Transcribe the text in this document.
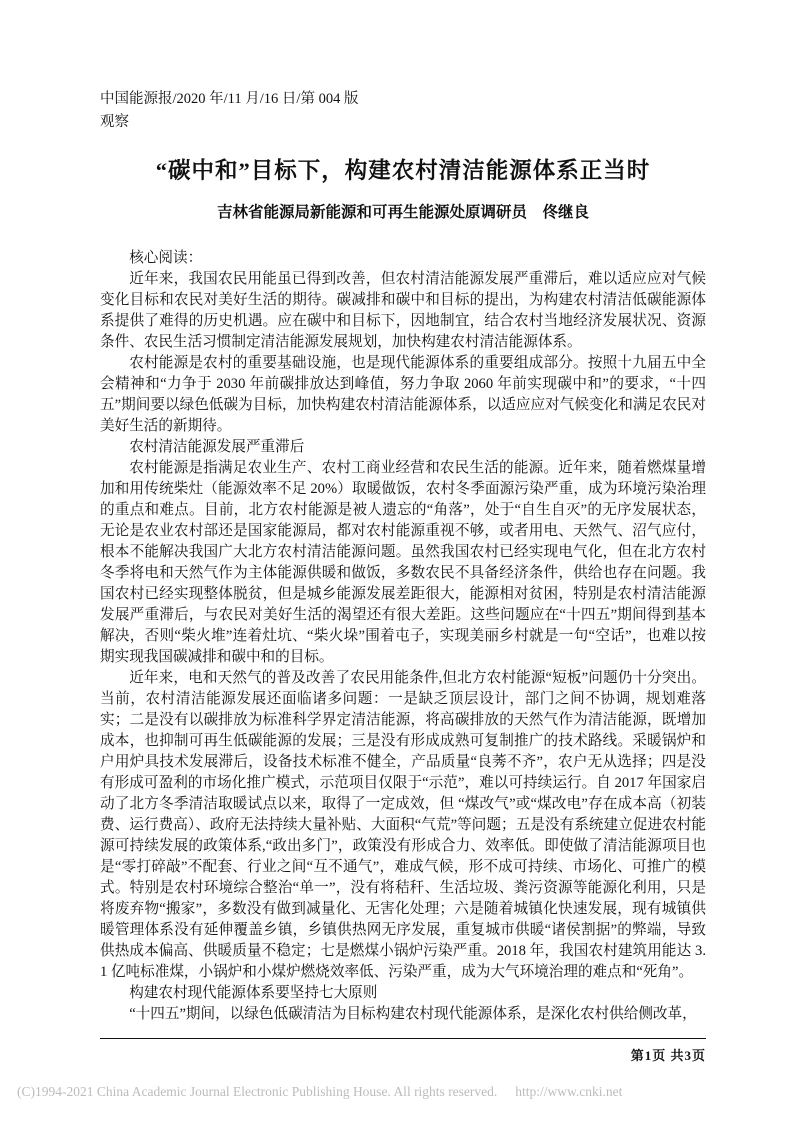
中国能源报/2020 年/11 月/16 日/第 004 版
观察
“碳中和”目标下，构建农村清洁能源体系正当时
吉林省能源局新能源和可再生能源处原调研员　佟继良

核心阅读：

近年来，我国农民用能虽已得到改善，但农村清洁能源发展严重滞后，难以适应应对气候变化目标和农民对美好生活的期待。碳减排和碳中和目标的提出，为构建农村清洁低碳能源体系提供了难得的历史机遇。应在碳中和目标下，因地制宜，结合农村当地经济发展状况、资源条件、农民生活习惯制定清洁能源发展规划，加快构建农村清洁能源体系。

农村能源是农村的重要基础设施，也是现代能源体系的重要组成部分。按照十九届五中全会精神和“力争于 2030 年前碳排放达到峰值，努力争取 2060 年前实现碳中和”的要求，“十四五”期间要以绿色低碳为目标，加快构建农村清洁能源体系，以适应应对气候变化和满足农民对美好生活的新期待。

农村清洁能源发展严重滞后

农村能源是指满足农业生产、农村工商业经营和农民生活的能源。近年来，随着燃煤量增加和用传统柴灶（能源效率不足 20%）取暖做饭，农村冬季面源污染严重，成为环境污染治理的重点和难点。目前，北方农村能源是被人遗忘的“角落”，处于“自生自灭”的无序发展状态，无论是农业农村部还是国家能源局，都对农村能源重视不够，或者用电、天然气、沼气应付，根本不能解决我国广大北方农村清洁能源问题。虽然我国农村已经实现电气化，但在北方农村冬季将电和天然气作为主体能源供暖和做饭，多数农民不具备经济条件，供给也存在问题。我国农村已经实现整体脱贫，但是城乡能源发展差距很大，能源相对贫困，特别是农村清洁能源发展严重滞后，与农民对美好生活的渴望还有很大差距。这些问题应在“十四五”期间得到基本解决，否则“柴火堆”连着灶坑、“柴火垛”围着屯子，实现美丽乡村就是一句“空话”，也难以按期实现我国碳减排和碳中和的目标。

近年来，电和天然气的普及改善了农民用能条件,但北方农村能源“短板”问题仍十分突出。当前，农村清洁能源发展还面临诸多问题：一是缺乏顶层设计，部门之间不协调，规划难落实；二是没有以碳排放为标准科学界定清洁能源，将高碳排放的天然气作为清洁能源，既增加成本，也抑制可再生低碳能源的发展；三是没有形成成熟可复制推广的技术路线。采暖锅炉和户用炉具技术发展滞后，设备技术标准不健全，产品质量“良莠不齐”，农户无从选择；四是没有形成可盈利的市场化推广模式，示范项目仅限于“示范”，难以可持续运行。自 2017 年国家启动了北方冬季清洁取暖试点以来，取得了一定成效，但 “煤改气”或“煤改电”存在成本高（初装费、运行费高）、政府无法持续大量补贴、大面积“气荒”等问题；五是没有系统建立促进农村能源可持续发展的政策体系,“政出多门”，政策没有形成合力、效率低。即使做了清洁能源项目也是“零打碎敲”不配套、行业之间“互不通气”，难成气候，形不成可持续、市场化、可推广的模式。特别是农村环境综合整治“单一”，没有将秸秆、生活垃圾、粪污资源等能源化利用，只是将废弃物“搬家”，多数没有做到减量化、无害化处理；六是随着城镇化快速发展，现有城镇供暖管理体系没有延伸覆盖乡镇，乡镇供热网无序发展，重复城市供暖“诸侯割据”的弊端，导致供热成本偏高、供暖质量不稳定；七是燃煤小锅炉污染严重。2018 年，我国农村建筑用能达 3.1 亿吨标准煤，小锅炉和小煤炉燃烧效率低、污染严重，成为大气环境治理的难点和“死角”。

构建农村现代能源体系要坚持七大原则

“十四五”期间，以绿色低碳清洁为目标构建农村现代能源体系，是深化农村供给侧改革，

第1页 共3页
(C)1994-2021 China Academic Journal Electronic Publishing House. All rights reserved. http://www.cnki.net
